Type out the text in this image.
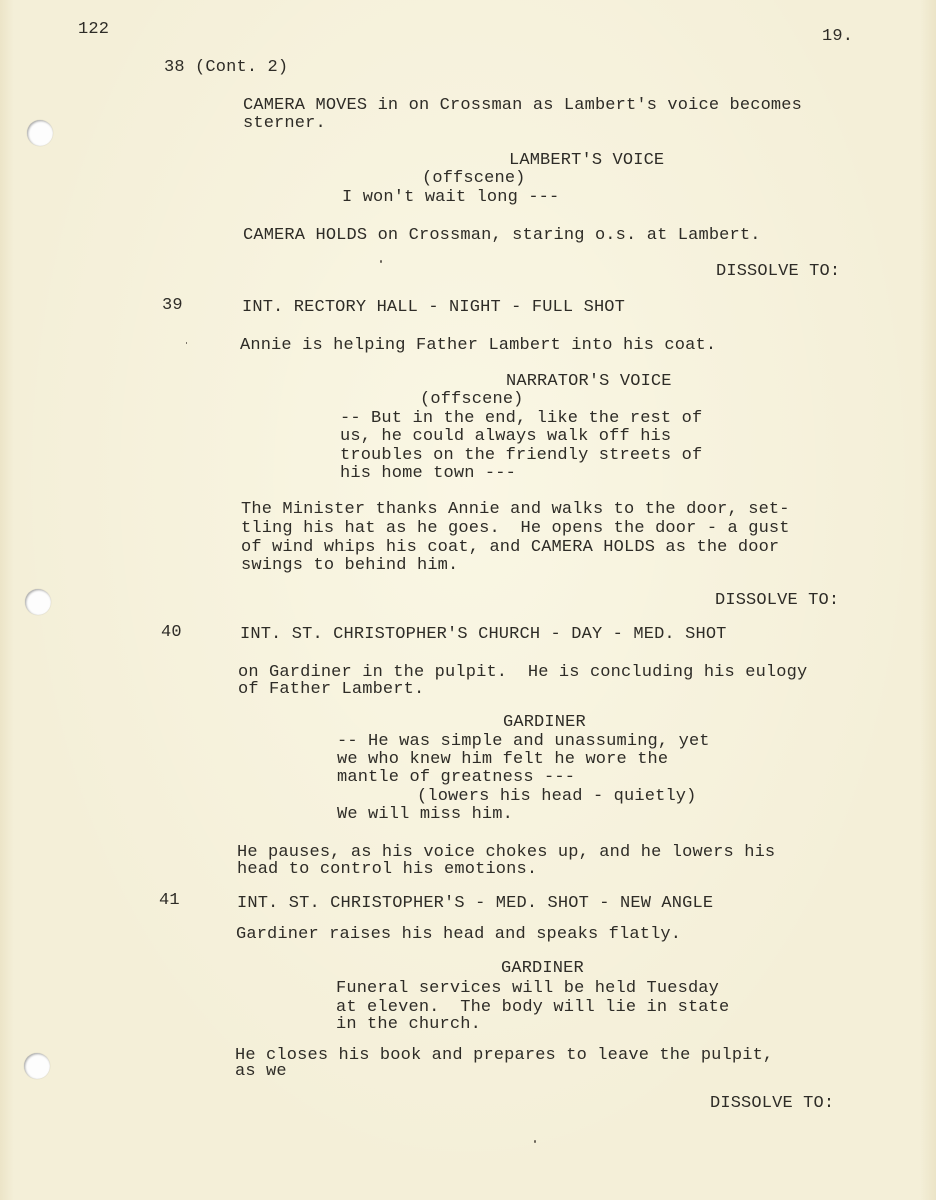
122	19.
38 (Cont. 2)
CAMERA MOVES in on Crossman as Lambert's voice becomes
sterner.
LAMBERT'S VOICE
(offscene)
I won't wait long ---
CAMERA HOLDS on Crossman, staring o.s. at Lambert.
DISSOLVE TO:
39	INT. RECTORY HALL - NIGHT - FULL SHOT
Annie is helping Father Lambert into his coat.
NARRATOR'S VOICE
(offscene)
-- But in the end, like the rest of
us, he could always walk off his
troubles on the friendly streets of
his home town ---
The Minister thanks Annie and walks to the door, set-
tling his hat as he goes.  He opens the door - a gust
of wind whips his coat, and CAMERA HOLDS as the door
swings to behind him.
DISSOLVE TO:
40	INT. ST. CHRISTOPHER'S CHURCH - DAY - MED. SHOT
on Gardiner in the pulpit.  He is concluding his eulogy
of Father Lambert.
GARDINER
-- He was simple and unassuming, yet
we who knew him felt he wore the
mantle of greatness ---
(lowers his head - quietly)
We will miss him.
He pauses, as his voice chokes up, and he lowers his
head to control his emotions.
41	INT. ST. CHRISTOPHER'S - MED. SHOT - NEW ANGLE
Gardiner raises his head and speaks flatly.
GARDINER
Funeral services will be held Tuesday
at eleven.  The body will lie in state
in the church.
He closes his book and prepares to leave the pulpit,
as we
DISSOLVE TO:
